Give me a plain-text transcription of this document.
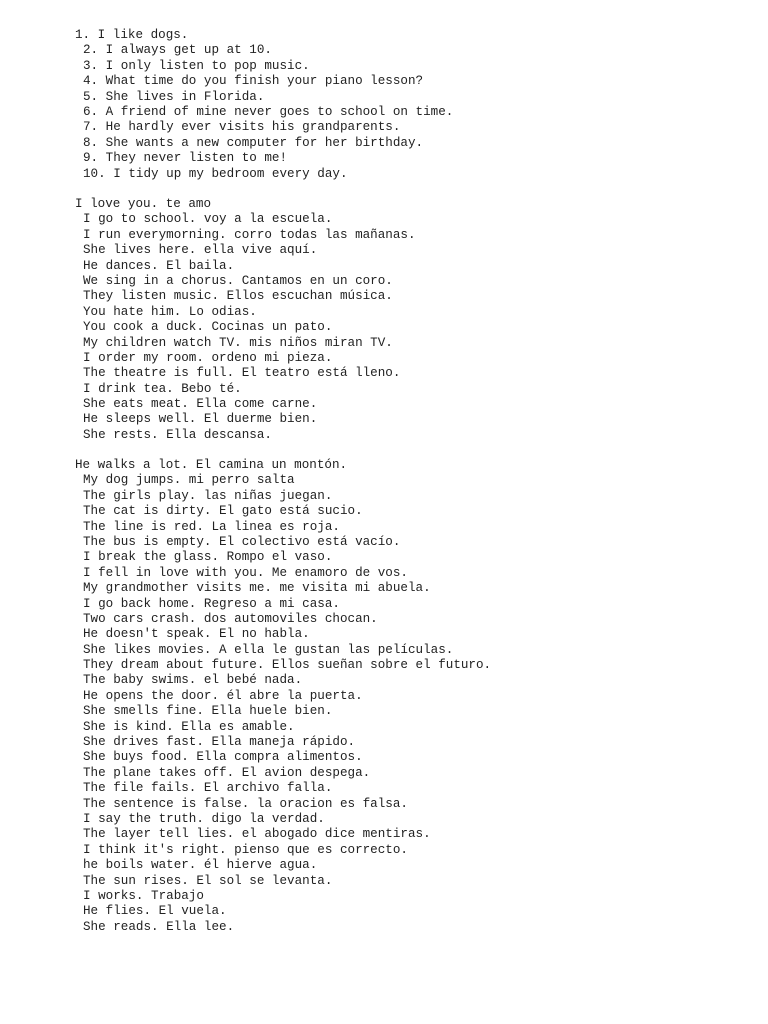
1. I like dogs.
2. I always get up at 10.
3. I only listen to pop music.
4. What time do you finish your piano lesson?
5. She lives in Florida.
6. A friend of mine never goes to school on time.
7. He hardly ever visits his grandparents.
8. She wants a new computer for her birthday.
9. They never listen to me!
10. I tidy up my bedroom every day.
I love you. te amo
I go to school. voy a la escuela.
I run everymorning. corro todas las mañanas.
She lives here. ella vive aquí.
He dances. El baila.
We sing in a chorus. Cantamos en un coro.
They listen music. Ellos escuchan música.
You hate him. Lo odias.
You cook a duck. Cocinas un pato.
My children watch TV. mis niños miran TV.
I order my room. ordeno mi pieza.
The theatre is full. El teatro está lleno.
I drink tea. Bebo té.
She eats meat. Ella come carne.
He sleeps well. El duerme bien.
She rests. Ella descansa.
He walks a lot. El camina un montón.
My dog jumps. mi perro salta
The girls play. las niñas juegan.
The cat is dirty. El gato está sucio.
The line is red. La linea es roja.
The bus is empty. El colectivo está vacío.
I break the glass. Rompo el vaso.
I fell in love with you. Me enamoro de vos.
My grandmother visits me. me visita mi abuela.
I go back home. Regreso a mi casa.
Two cars crash. dos automoviles chocan.
He doesn't speak. El no habla.
She likes movies. A ella le gustan las películas.
They dream about future. Ellos sueñan sobre el futuro.
The baby swims. el bebé nada.
He opens the door. él abre la puerta.
She smells fine. Ella huele bien.
She is kind. Ella es amable.
She drives fast. Ella maneja rápido.
She buys food. Ella compra alimentos.
The plane takes off. El avion despega.
The file fails. El archivo falla.
The sentence is false. la oracion es falsa.
I say the truth. digo la verdad.
The layer tell lies. el abogado dice mentiras.
I think it's right. pienso que es correcto.
he boils water. él hierve agua.
The sun rises. El sol se levanta.
I works. Trabajo
He flies. El vuela.
She reads. Ella lee.
